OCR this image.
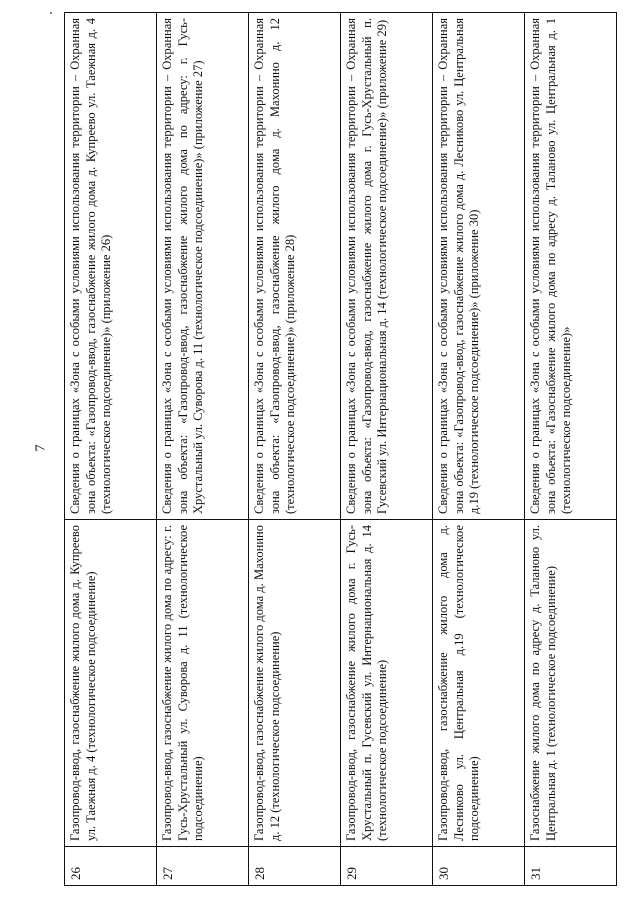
7
26	Газопровод-ввод, газоснабжение жилого дома д. Купреево ул. Таежная д. 4 (технологическое подсоединение)	Сведения о границах «Зона с особыми условиями использования территории – Охранная зона объекта: «Газопровод-ввод, газоснабжение жилого дома д. Купреево ул. Таежная д. 4 (технологическое подсоединение)» (приложение 26)
27	Газопровод-ввод, газоснабжение жилого дома по адресу: г. Гусь-Хрустальный ул. Суворова д. 11 (технологическое подсоединение)	Сведения о границах «Зона с особыми условиями использования территории – Охранная зона объекта: «Газопровод-ввод, газоснабжение жилого дома по адресу: г. Гусь-Хрустальный ул. Суворова д. 11 (технологическое подсоединение)» (приложение 27)
28	Газопровод-ввод, газоснабжение жилого дома д. Махонино д. 12 (технологическое подсоединение)	Сведения о границах «Зона с особыми условиями использования территории – Охранная зона объекта: «Газопровод-ввод, газоснабжение жилого дома д. Махонино д. 12 (технологическое подсоединение)» (приложение 28)
29	Газопровод-ввод, газоснабжение жилого дома г. Гусь-Хрустальный п. Гусевский ул. Интернациональная д. 14 (технологическое подсоединение)	Сведения о границах «Зона с особыми условиями использования территории – Охранная зона объекта: «Газопровод-ввод, газоснабжение жилого дома г. Гусь-Хрустальный п. Гусевский ул. Интернациональная д. 14 (технологическое подсоединение)» (приложение 29)
30	Газопровод-ввод, газоснабжение жилого дома д. Лесниково ул. Центральная д.19 (технологическое подсоединение)	Сведения о границах «Зона с особыми условиями использования территории – Охранная зона объекта: «Газопровод-ввод, газоснабжение жилого дома д. Лесниково ул. Центральная д.19 (технологическое подсоединение)» (приложение 30)
31	Газоснабжение жилого дома по адресу д. Таланово ул. Центральная д. 1 (технологическое подсоединение)	Сведения о границах «Зона с особыми условиями использования территории – Охранная зона объекта: «Газоснабжение жилого дома по адресу д. Таланово ул. Центральная д. 1 (технологическое подсоединение)»
